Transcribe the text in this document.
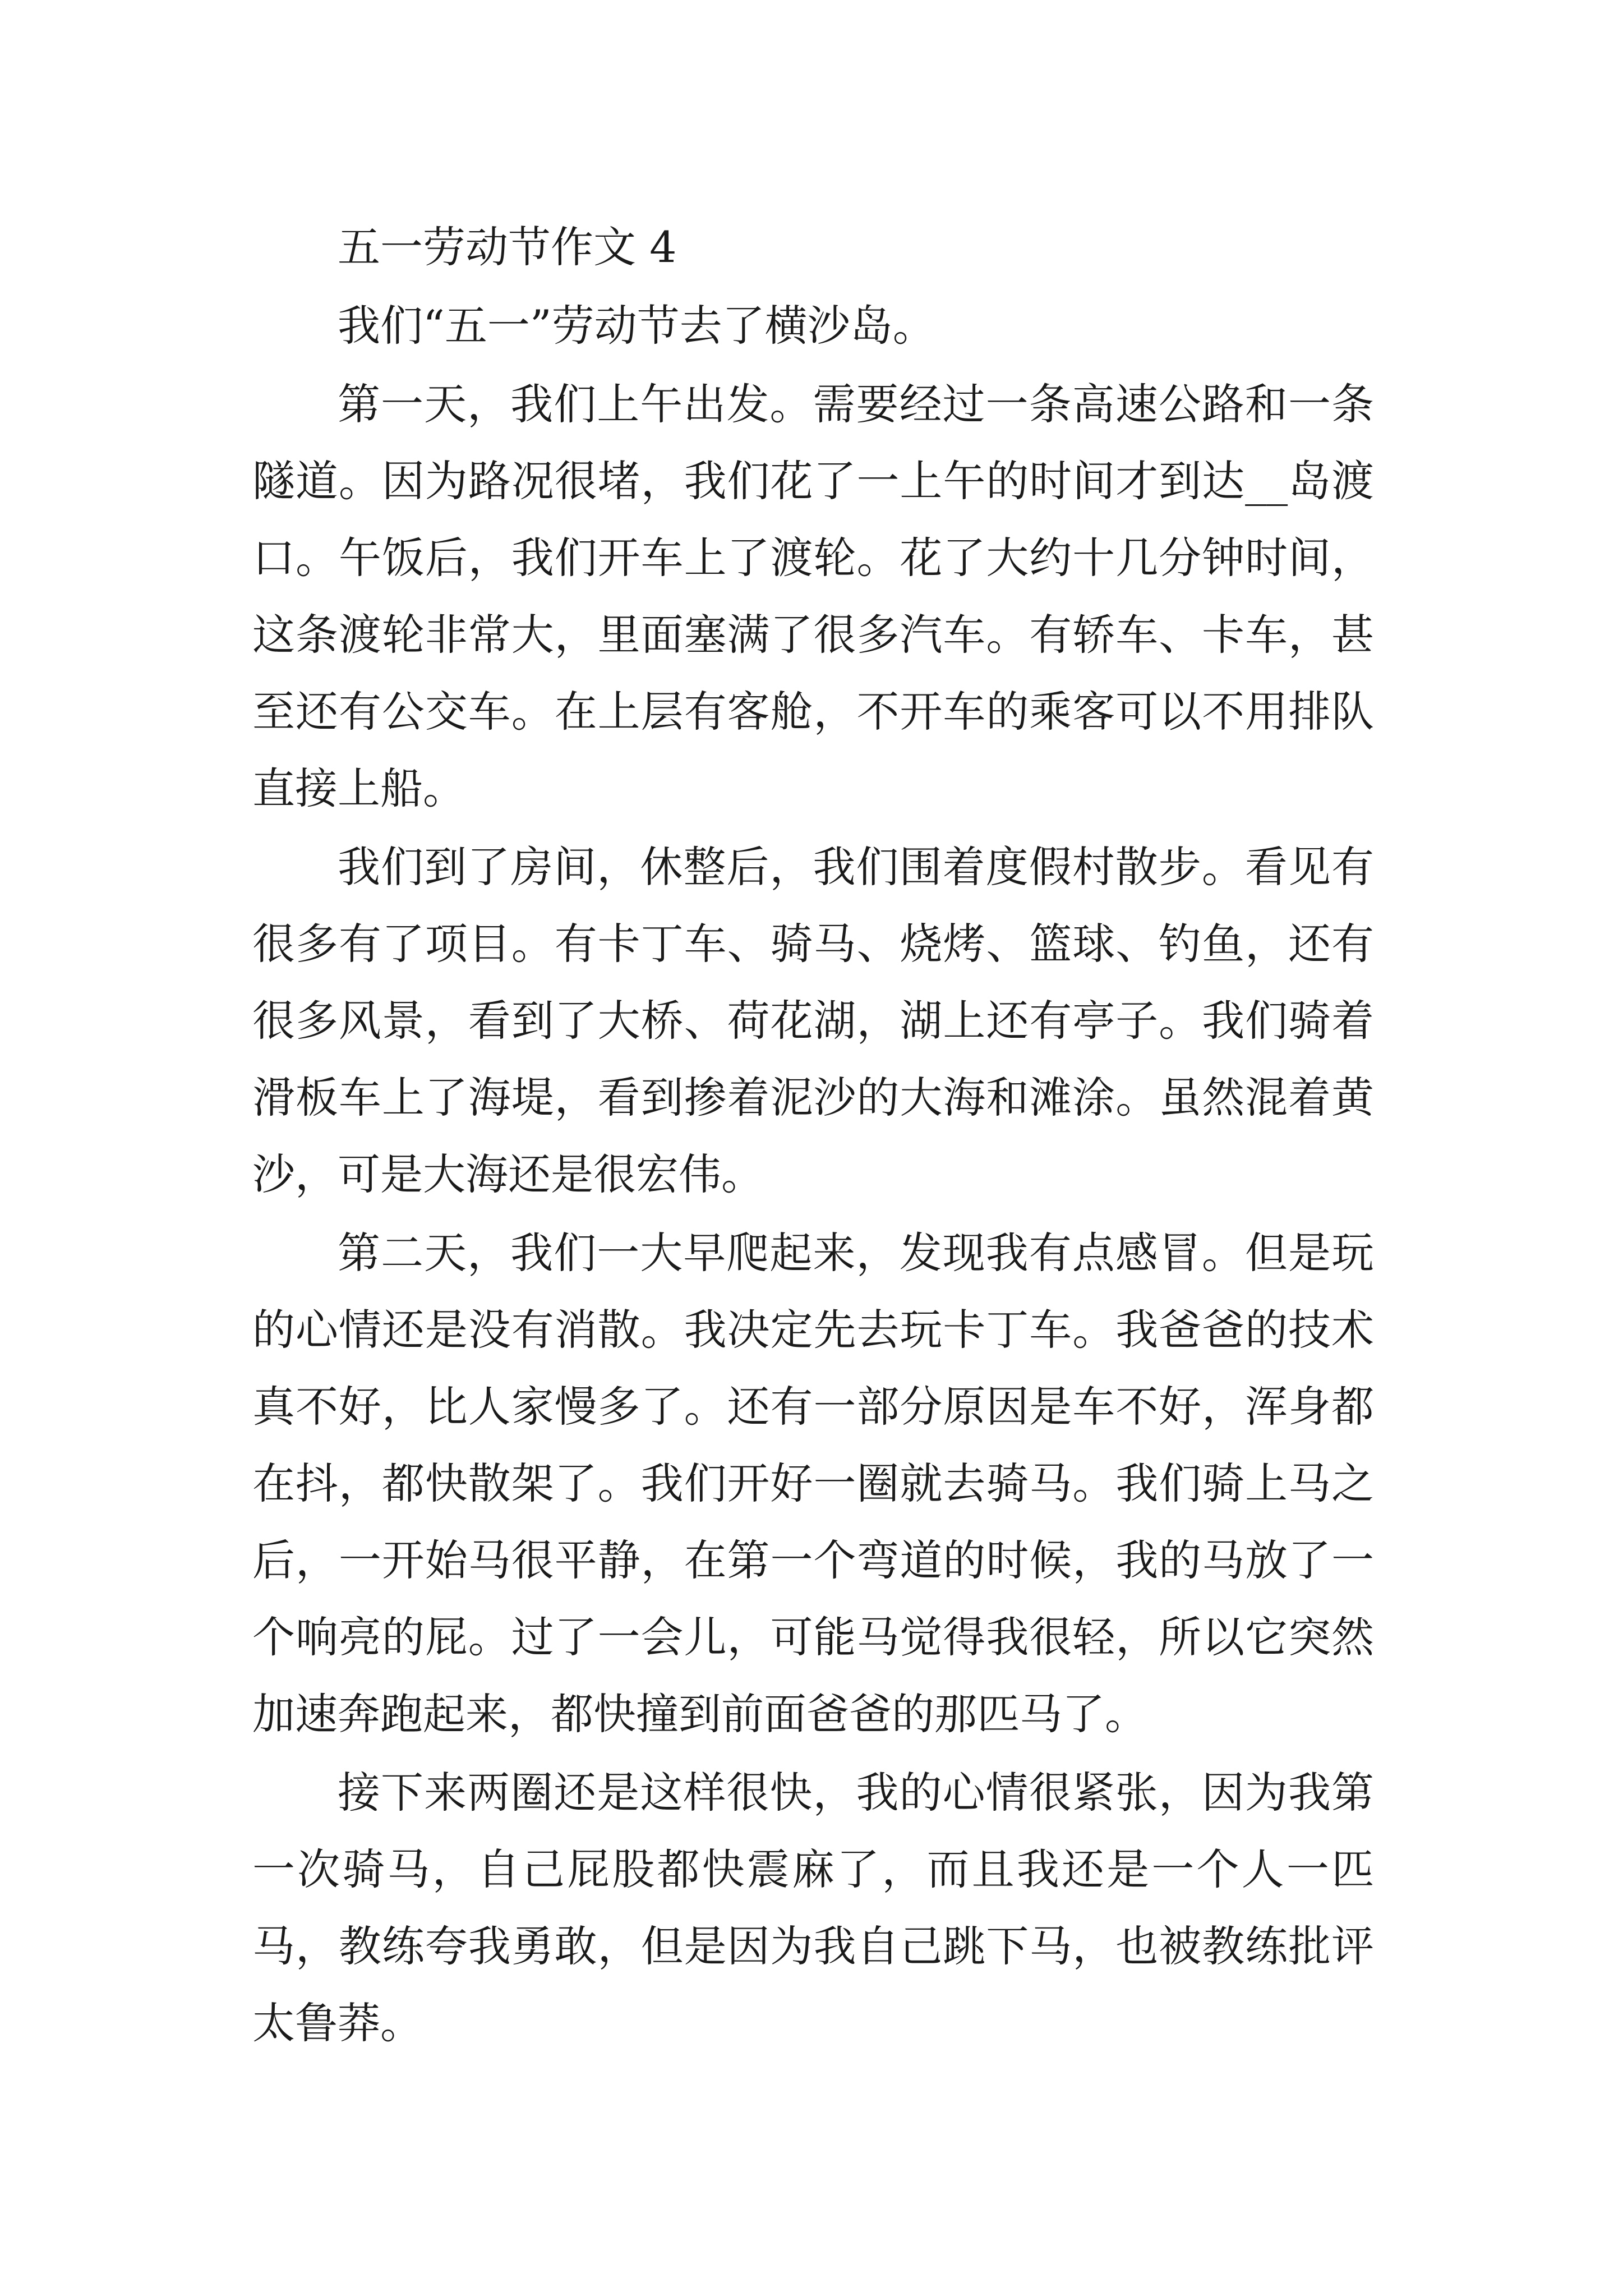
五一劳动节作文 4

我们“五一”劳动节去了横沙岛。

第一天，我们上午出发。需要经过一条高速公路和一条隧道。因为路况很堵，我们花了一上午的时间才到达__岛渡口。午饭后，我们开车上了渡轮。花了大约十几分钟时间，这条渡轮非常大，里面塞满了很多汽车。有轿车、卡车，甚至还有公交车。在上层有客舱，不开车的乘客可以不用排队直接上船。

我们到了房间，休整后，我们围着度假村散步。看见有很多有了项目。有卡丁车、骑马、烧烤、篮球、钓鱼，还有很多风景，看到了大桥、荷花湖，湖上还有亭子。我们骑着滑板车上了海堤，看到掺着泥沙的大海和滩涂。虽然混着黄沙，可是大海还是很宏伟。

第二天，我们一大早爬起来，发现我有点感冒。但是玩的心情还是没有消散。我决定先去玩卡丁车。我爸爸的技术真不好，比人家慢多了。还有一部分原因是车不好，浑身都在抖，都快散架了。我们开好一圈就去骑马。我们骑上马之后，一开始马很平静，在第一个弯道的时候，我的马放了一个响亮的屁。过了一会儿，可能马觉得我很轻，所以它突然加速奔跑起来，都快撞到前面爸爸的那匹马了。

接下来两圈还是这样很快，我的心情很紧张，因为我第一次骑马，自己屁股都快震麻了，而且我还是一个人一匹马，教练夸我勇敢，但是因为我自己跳下马，也被教练批评太鲁莽。
